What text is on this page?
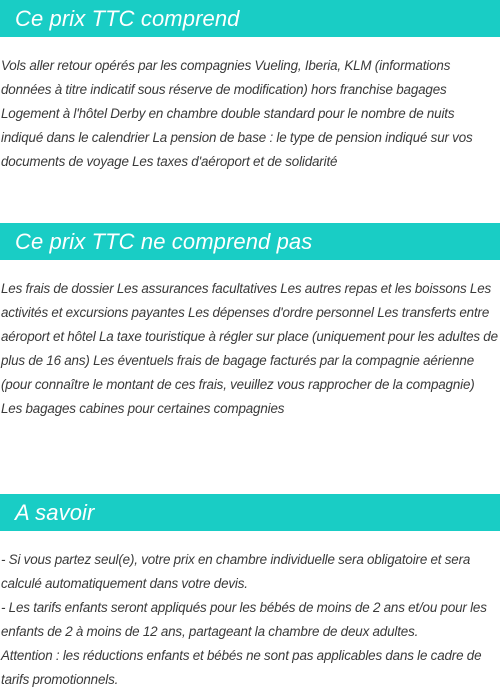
Ce prix TTC comprend

Vols aller retour opérés par les compagnies Vueling, Iberia, KLM (informations données à titre indicatif sous réserve de modification) hors franchise bagages Logement à l'hôtel Derby en chambre double standard pour le nombre de nuits indiqué dans le calendrier La pension de base : le type de pension indiqué sur vos documents de voyage Les taxes d'aéroport et de solidarité

Ce prix TTC ne comprend pas

Les frais de dossier Les assurances facultatives Les autres repas et les boissons Les activités et excursions payantes Les dépenses d'ordre personnel Les transferts entre aéroport et hôtel La taxe touristique à régler sur place (uniquement pour les adultes de plus de 16 ans) Les éventuels frais de bagage facturés par la compagnie aérienne (pour connaître le montant de ces frais, veuillez vous rapprocher de la compagnie) Les bagages cabines pour certaines compagnies

A savoir

- Si vous partez seul(e), votre prix en chambre individuelle sera obligatoire et sera calculé automatiquement dans votre devis.

- Les tarifs enfants seront appliqués pour les bébés de moins de 2 ans et/ou pour les enfants de 2 à moins de 12 ans, partageant la chambre de deux adultes.

Attention : les réductions enfants et bébés ne sont pas applicables dans le cadre de tarifs promotionnels.
